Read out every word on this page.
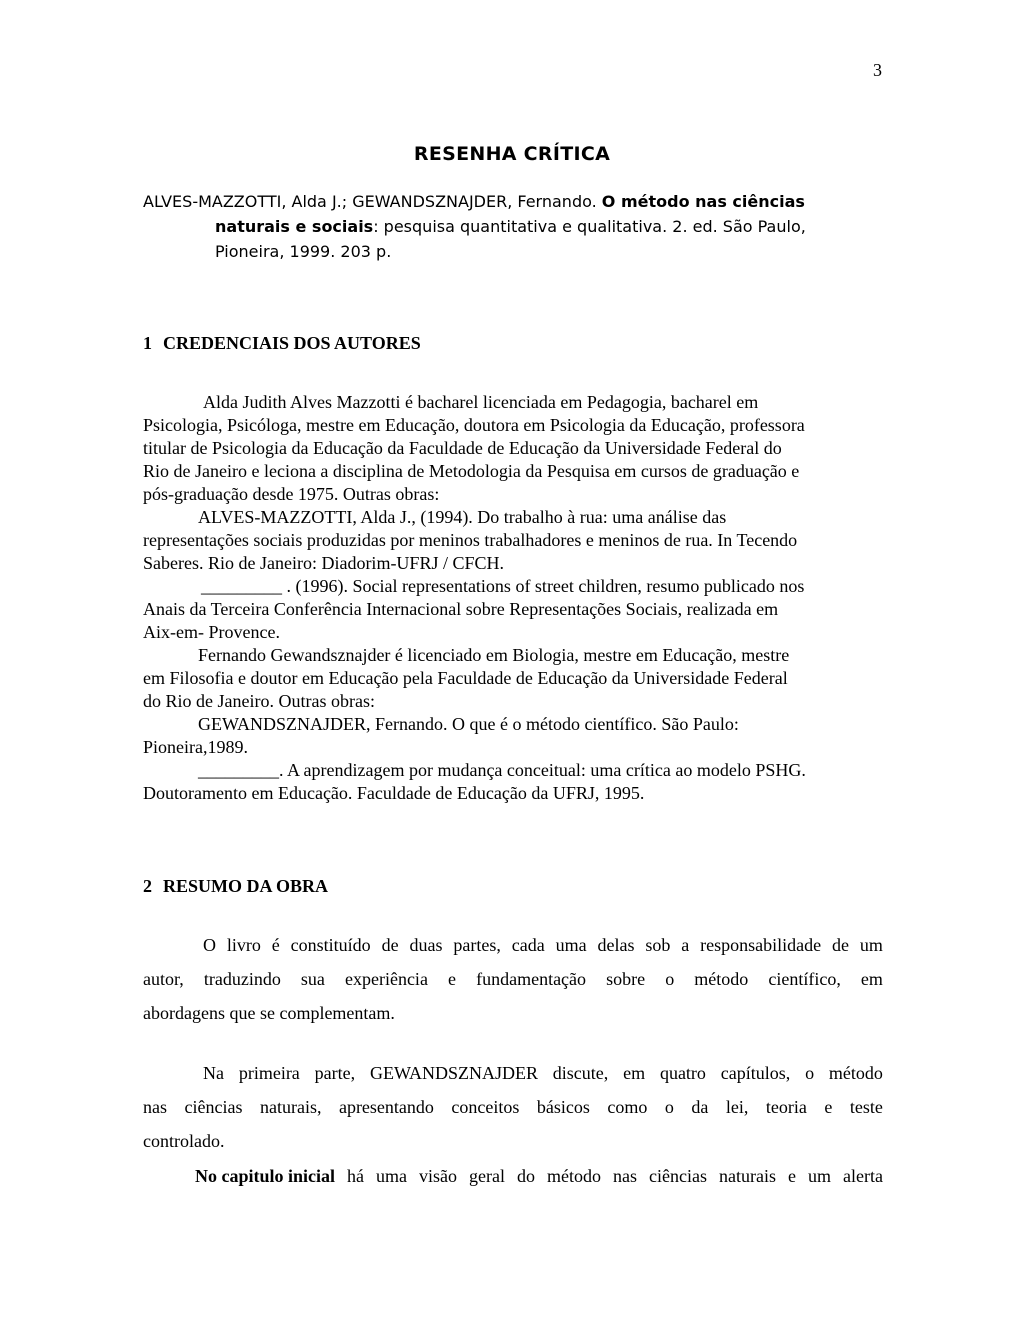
3
RESENHA CRÍTICA
ALVES-MAZZOTTI, Alda J.; GEWANDSZNAJDER, Fernando. O método nas ciências
naturais e sociais: pesquisa quantitativa e qualitativa. 2. ed. São Paulo,
Pioneira, 1999. 203 p.
1 CREDENCIAIS DOS AUTORES
Alda Judith Alves Mazzotti é bacharel licenciada em Pedagogia, bacharel em
Psicologia, Psicóloga, mestre em Educação, doutora em Psicologia da Educação, professora
titular de Psicologia da Educação da Faculdade de Educação da Universidade Federal do
Rio de Janeiro e leciona a disciplina de Metodologia da Pesquisa em cursos de graduação e
pós-graduação desde 1975. Outras obras:
ALVES-MAZZOTTI, Alda J., (1994). Do trabalho à rua: uma análise das
representações sociais produzidas por meninos trabalhadores e meninos de rua. In Tecendo
Saberes. Rio de Janeiro: Diadorim-UFRJ / CFCH.
_________ . (1996). Social representations of street children, resumo publicado nos
Anais da Terceira Conferência Internacional sobre Representações Sociais, realizada em
Aix-em- Provence.
Fernando Gewandsznajder é licenciado em Biologia, mestre em Educação, mestre
em Filosofia e doutor em Educação pela Faculdade de Educação da Universidade Federal
do Rio de Janeiro. Outras obras:
GEWANDSZNAJDER, Fernando. O que é o método científico. São Paulo:
Pioneira,1989.
_________. A aprendizagem por mudança conceitual: uma crítica ao modelo PSHG.
Doutoramento em Educação. Faculdade de Educação da UFRJ, 1995.
2 RESUMO DA OBRA
O livro é constituído de duas partes, cada uma delas sob a responsabilidade de um
autor, traduzindo sua experiência e fundamentação sobre o método científico, em
abordagens que se complementam.
Na primeira parte, GEWANDSZNAJDER discute, em quatro capítulos, o método
nas ciências naturais, apresentando conceitos básicos como o da lei, teoria e teste
controlado.
No capitulo inicial há uma visão geral do método nas ciências naturais e um alerta
